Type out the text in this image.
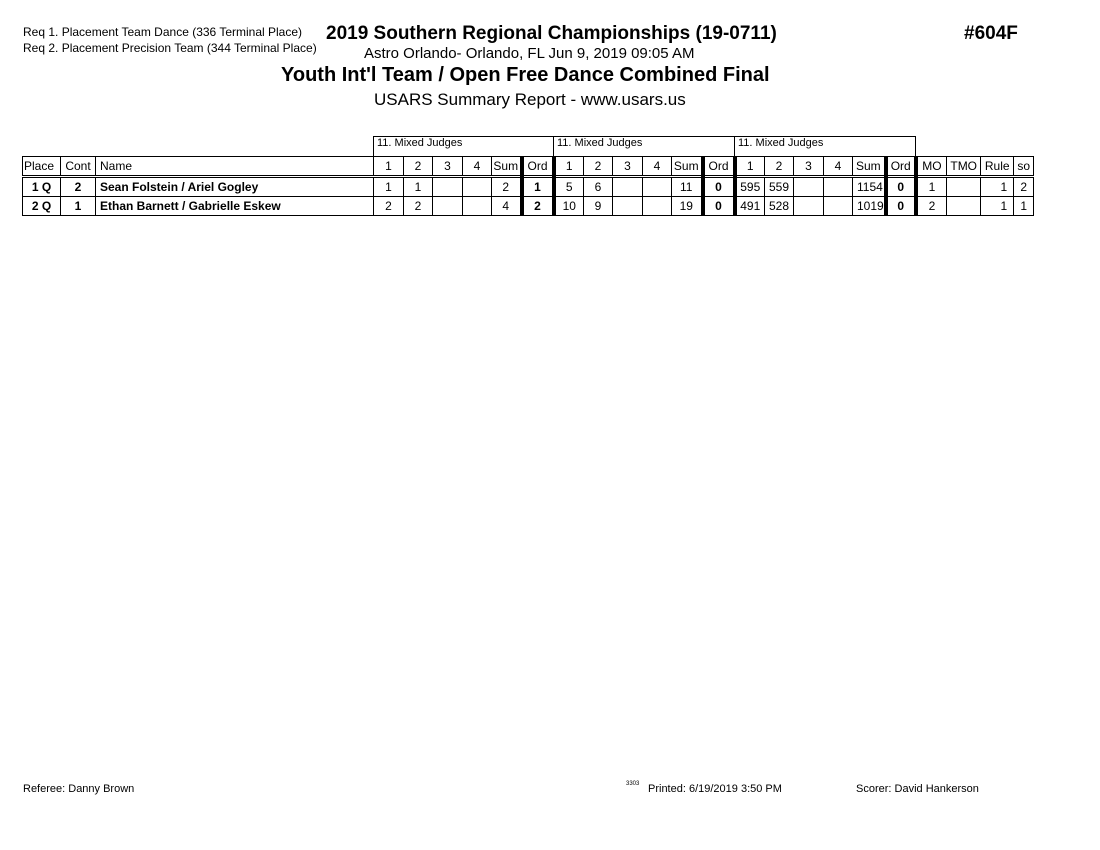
Req 1. Placement Team Dance (336 Terminal Place)
Req 2. Placement Precision Team (344 Terminal Place)
2019 Southern Regional Championships (19-0711)
Astro Orlando- Orlando, FL Jun 9, 2019 09:05 AM
Youth Int'l Team / Open Free Dance Combined Final
USARS Summary Report - www.usars.us
#604F
			11. Mixed Judges						11. Mixed Judges						11. Mixed Judges									
Place	Cont	Name	1	2	3	4	Sum	Ord	1	2	3	4	Sum	Ord	1	2	3	4	Sum	Ord	MO	TMO	Rule	so
1 Q	2	Sean Folstein / Ariel Gogley	1	1			2	1	5	6			11	0	595	559			1154	0	1		1	2
2 Q	1	Ethan Barnett / Gabrielle Eskew	2	2			4	2	10	9			19	0	491	528			1019	0	2		1	1
Referee: Danny Brown	3303 Printed: 6/19/2019 3:50 PM	Scorer: David Hankerson
